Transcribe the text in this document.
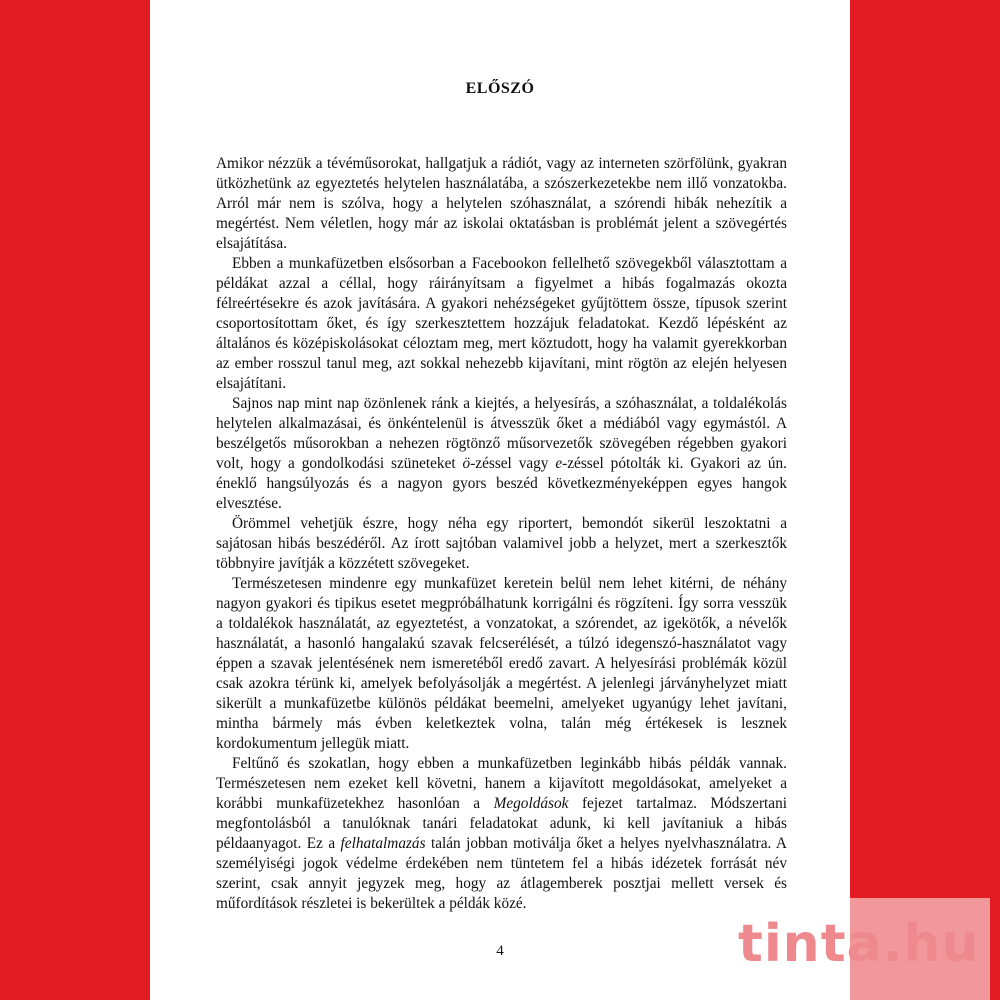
ELŐSZÓ

Amikor nézzük a tévéműsorokat, hallgatjuk a rádiót, vagy az interneten szörfölünk, gyakran ütközhetünk az egyeztetés helytelen használatába, a szószerkezetekbe nem illő vonzatokba. Arról már nem is szólva, hogy a helytelen szóhasználat, a szórendi hibák nehezítik a megértést. Nem véletlen, hogy már az iskolai oktatásban is problémát jelent a szövegértés elsajátítása.

Ebben a munkafüzetben elsősorban a Facebookon fellelhető szövegekből választottam a példákat azzal a céllal, hogy ráirányítsam a figyelmet a hibás fogalmazás okozta félreértésekre és azok javítására. A gyakori nehézségeket gyűjtöttem össze, típusok szerint csoportosítottam őket, és így szerkesztettem hozzájuk feladatokat. Kezdő lépésként az általános és középiskolásokat céloztam meg, mert köztudott, hogy ha valamit gyerekkorban az ember rosszul tanul meg, azt sokkal nehezebb kijavítani, mint rögtön az elején helyesen elsajátítani.

Sajnos nap mint nap özönlenek ránk a kiejtés, a helyesírás, a szóhasználat, a toldalékolás helytelen alkalmazásai, és önkéntelenül is átvesszük őket a médiából vagy egymástól. A beszélgetős műsorokban a nehezen rögtönző műsorvezetők szövegében régebben gyakori volt, hogy a gondolkodási szüneteket ö-zéssel vagy e-zéssel pótolták ki. Gyakori az ún. éneklő hangsúlyozás és a nagyon gyors beszéd következményeképpen egyes hangok elvesztése.

Örömmel vehetjük észre, hogy néha egy riportert, bemondót sikerül leszoktatni a sajátosan hibás beszédéről. Az írott sajtóban valamivel jobb a helyzet, mert a szerkesztők többnyire javítják a közzétett szövegeket.

Természetesen mindenre egy munkafüzet keretein belül nem lehet kitérni, de néhány nagyon gyakori és tipikus esetet megpróbálhatunk korrigálni és rögzíteni. Így sorra vesszük a toldalékok használatát, az egyeztetést, a vonzatokat, a szórendet, az igekötők, a névelők használatát, a hasonló hangalakú szavak felcserélését, a túlzó idegenszó-használatot vagy éppen a szavak jelentésének nem ismeretéből eredő zavart. A helyesírási problémák közül csak azokra térünk ki, amelyek befolyásolják a megértést. A jelenlegi járványhelyzet miatt sikerült a munkafüzetbe különös példákat beemelni, amelyeket ugyanúgy lehet javítani, mintha bármely más évben keletkeztek volna, talán még értékesek is lesznek kordokumentum jellegük miatt.

Feltűnő és szokatlan, hogy ebben a munkafüzetben leginkább hibás példák vannak. Természetesen nem ezeket kell követni, hanem a kijavított megoldásokat, amelyeket a korábbi munkafüzetekhez hasonlóan a Megoldások fejezet tartalmaz. Módszertani megfontolásból a tanulóknak tanári feladatokat adunk, ki kell javítaniuk a hibás példaanyagot. Ez a felhatalmazás talán jobban motiválja őket a helyes nyelvhasználatra. A személyiségi jogok védelme érdekében nem tüntetem fel a hibás idézetek forrását név szerint, csak annyit jegyzek meg, hogy az átlagemberek posztjai mellett versek és műfordítások részletei is bekerültek a példák közé.

4	tinta.hu
